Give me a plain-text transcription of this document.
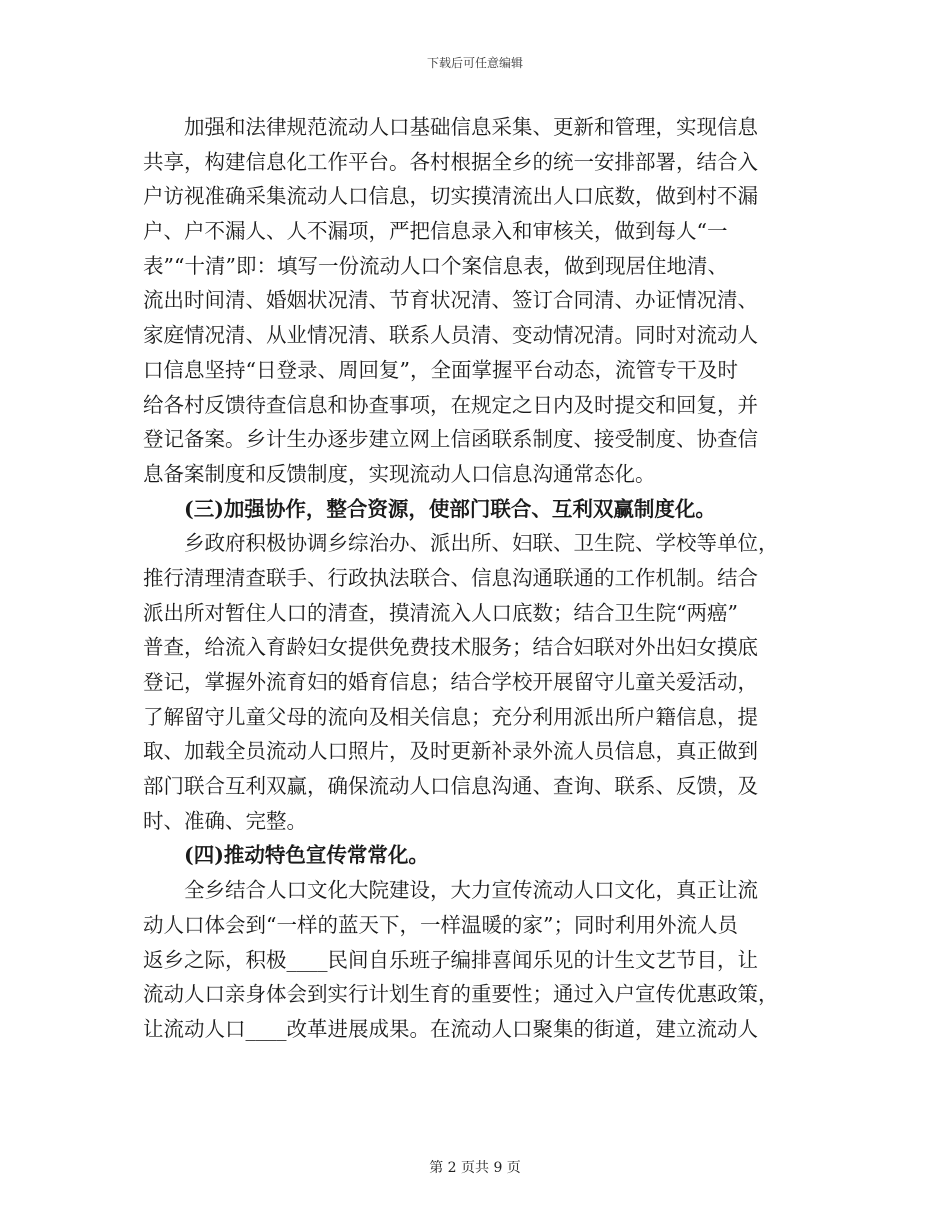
下载后可任意编辑
　　加强和法律规范流动人口基础信息采集、更新和管理，实现信息
共享，构建信息化工作平台。各村根据全乡的统一安排部署，结合入
户访视准确采集流动人口信息，切实摸清流出人口底数，做到村不漏
户、户不漏人、人不漏项，严把信息录入和审核关，做到每人“一
表”“十清”即：填写一份流动人口个案信息表，做到现居住地清、
流出时间清、婚姻状况清、节育状况清、签订合同清、办证情况清、
家庭情况清、从业情况清、联系人员清、变动情况清。同时对流动人
口信息坚持“日登录、周回复”，全面掌握平台动态，流管专干及时
给各村反馈待查信息和协查事项，在规定之日内及时提交和回复，并
登记备案。乡计生办逐步建立网上信函联系制度、接受制度、协查信
息备案制度和反馈制度，实现流动人口信息沟通常态化。
　　(三)加强协作，整合资源，使部门联合、互利双赢制度化。
　　乡政府积极协调乡综治办、派出所、妇联、卫生院、学校等单位，
推行清理清查联手、行政执法联合、信息沟通联通的工作机制。结合
派出所对暂住人口的清查，摸清流入人口底数；结合卫生院“两癌”
普查，给流入育龄妇女提供免费技术服务；结合妇联对外出妇女摸底
登记，掌握外流育妇的婚育信息；结合学校开展留守儿童关爱活动，
了解留守儿童父母的流向及相关信息；充分利用派出所户籍信息，提
取、加载全员流动人口照片，及时更新补录外流人员信息，真正做到
部门联合互利双赢，确保流动人口信息沟通、查询、联系、反馈，及
时、准确、完整。
　　(四)推动特色宣传常常化。
　　全乡结合人口文化大院建设，大力宣传流动人口文化，真正让流
动人口体会到“一样的蓝天下，一样温暖的家”；同时利用外流人员
返乡之际，积极____民间自乐班子编排喜闻乐见的计生文艺节目，让
流动人口亲身体会到实行计划生育的重要性；通过入户宣传优惠政策，
让流动人口____改革进展成果。在流动人口聚集的街道，建立流动人
第 2 页共 9 页
